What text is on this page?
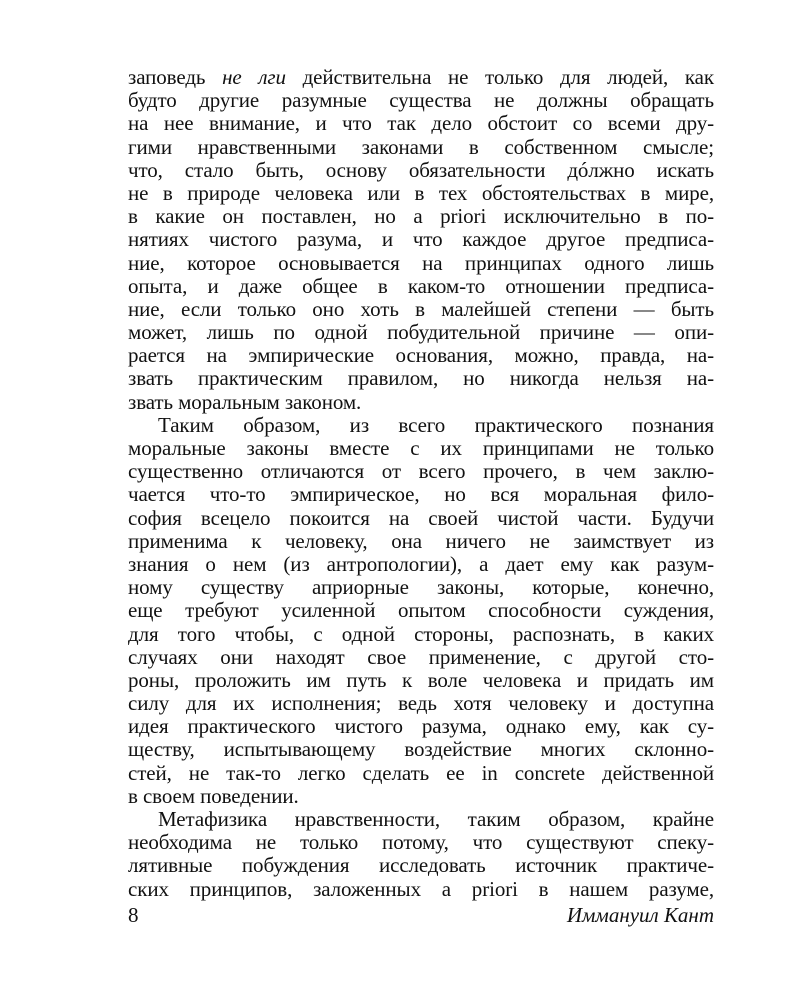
заповедь не лги действительна не только для людей, как
будто другие разумные существа не должны обращать
на нее внимание, и что так дело обстоит со всеми дру-
гими нравственными законами в собственном смысле;
что, стало быть, основу обязательности дóлжно искать
не в природе человека или в тех обстоятельствах в мире,
в какие он поставлен, но a priori исключительно в по-
нятиях чистого разума, и что каждое другое предписа-
ние, которое основывается на принципах одного лишь
опыта, и даже общее в каком-то отношении предписа-
ние, если только оно хоть в малейшей степени — быть
может, лишь по одной побудительной причине — опи-
рается на эмпирические основания, можно, правда, на-
звать практическим правилом, но никогда нельзя на-
звать моральным законом.
Таким образом, из всего практического познания
моральные законы вместе с их принципами не только
существенно отличаются от всего прочего, в чем заклю-
чается что-то эмпирическое, но вся моральная фило-
софия всецело покоится на своей чистой части. Будучи
применима к человеку, она ничего не заимствует из
знания о нем (из антропологии), а дает ему как разум-
ному существу априорные законы, которые, конечно,
еще требуют усиленной опытом способности суждения,
для того чтобы, с одной стороны, распознать, в каких
случаях они находят свое применение, с другой сто-
роны, проложить им путь к воле человека и придать им
силу для их исполнения; ведь хотя человеку и доступна
идея практического чистого разума, однако ему, как су-
ществу, испытывающему воздействие многих склонно-
стей, не так-то легко сделать ее in concrete действенной
в своем поведении.
Метафизика нравственности, таким образом, крайне
необходима не только потому, что существуют спеку-
лятивные побуждения исследовать источник практиче-
ских принципов, заложенных a priori в нашем разуме,
8	Иммануил Кант
